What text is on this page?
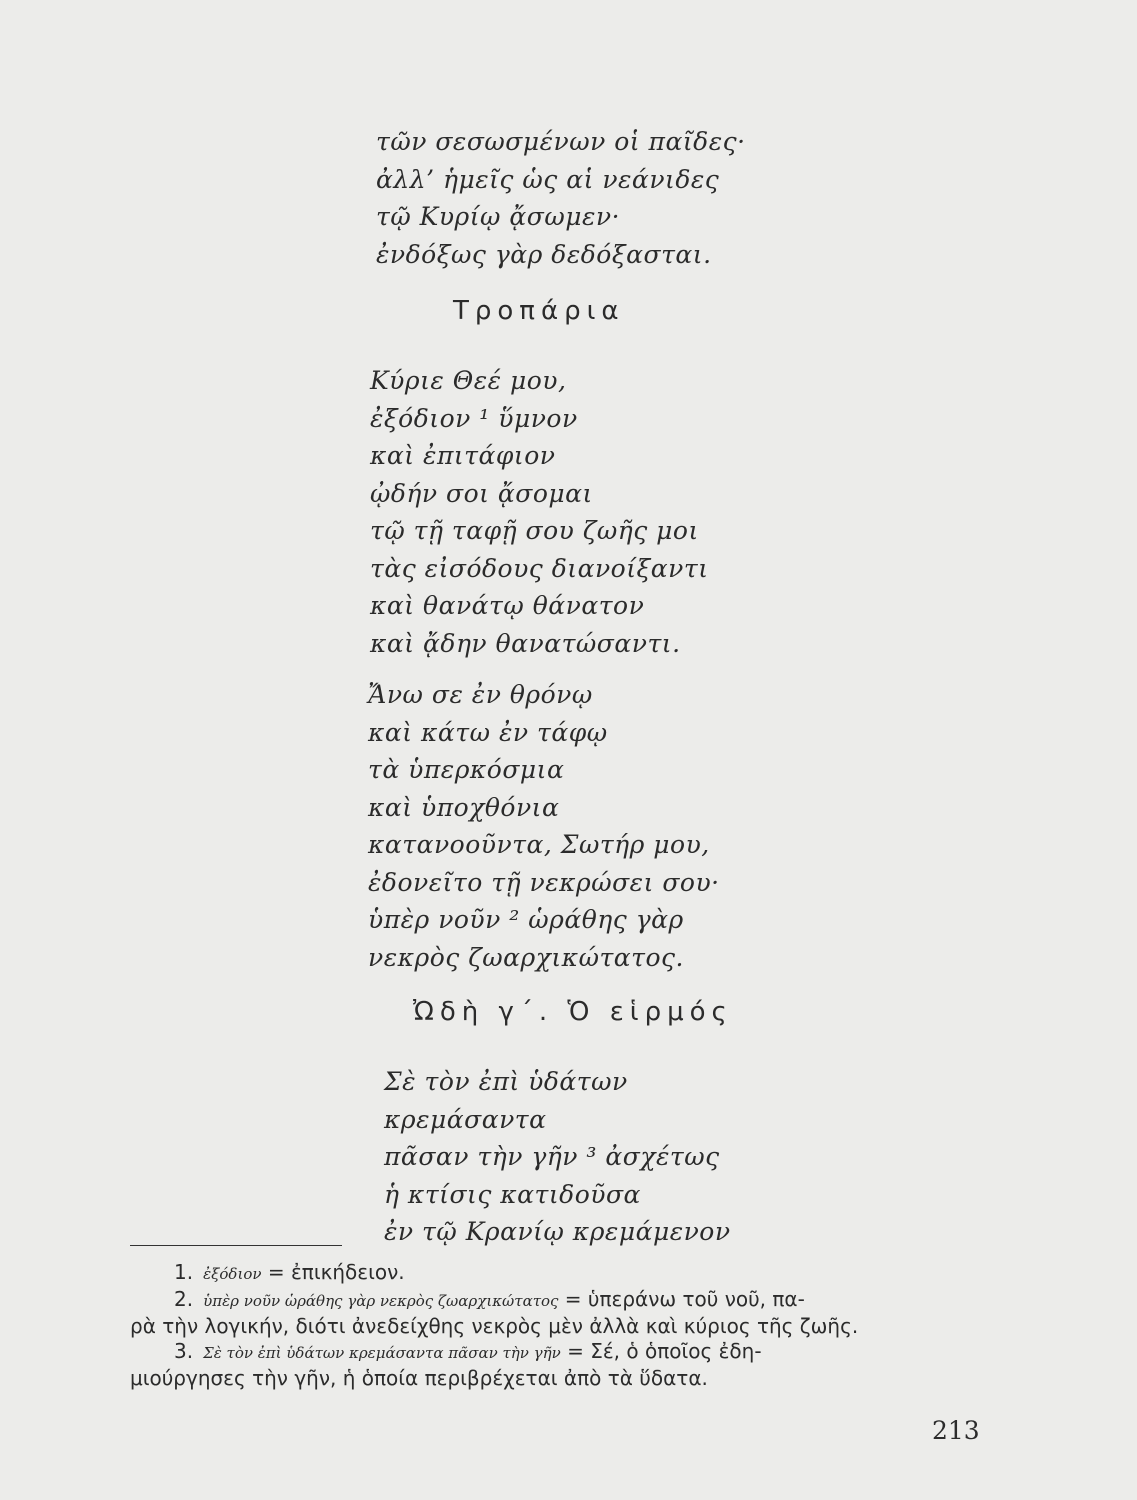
τῶν σεσωσμένων οἱ παῖδες·
ἀλλ’ ἡμεῖς ὡς αἱ νεάνιδες
τῷ Κυρίῳ ᾄσωμεν·
ἐνδόξως γὰρ δεδόξασται.
Τροπάρια
Κύριε Θεέ μου,
ἐξόδιον ¹ ὕμνον
καὶ ἐπιτάφιον
ᾠδήν σοι ᾄσομαι
τῷ τῇ ταφῇ σου ζωῆς μοι
τὰς εἰσόδους διανοίξαντι
καὶ θανάτῳ θάνατον
καὶ ᾄδην θανατώσαντι.
Ἄνω σε ἐν θρόνῳ
καὶ κάτω ἐν τάφῳ
τὰ ὑπερκόσμια
καὶ ὑποχθόνια
κατανοοῦντα, Σωτήρ μου,
ἐδονεῖτο τῇ νεκρώσει σου·
ὑπὲρ νοῦν ² ὡράθης γὰρ
νεκρὸς ζωαρχικώτατος.
Ὠδὴ γ΄. Ὁ εἱρμός
Σὲ τὸν ἐπὶ ὑδάτων
κρεμάσαντα
πᾶσαν τὴν γῆν ³ ἀσχέτως
ἡ κτίσις κατιδοῦσα
ἐν τῷ Κρανίῳ κρεμάμενον
1. ἐξόδιον = ἐπικήδειον.
2. ὑπὲρ νοῦν ὡράθης γὰρ νεκρὸς ζωαρχικώτατος = ὑπεράνω τοῦ νοῦ, πα-
ρὰ τὴν λογικήν, διότι ἀνεδείχθης νεκρὸς μὲν ἀλλὰ καὶ κύριος τῆς ζωῆς.
3. Σὲ τὸν ἐπὶ ὑδάτων κρεμάσαντα πᾶσαν τὴν γῆν = Σέ, ὁ ὁποῖος ἐδη-
μιούργησες τὴν γῆν, ἡ ὁποία περιβρέχεται ἀπὸ τὰ ὕδατα.
213
